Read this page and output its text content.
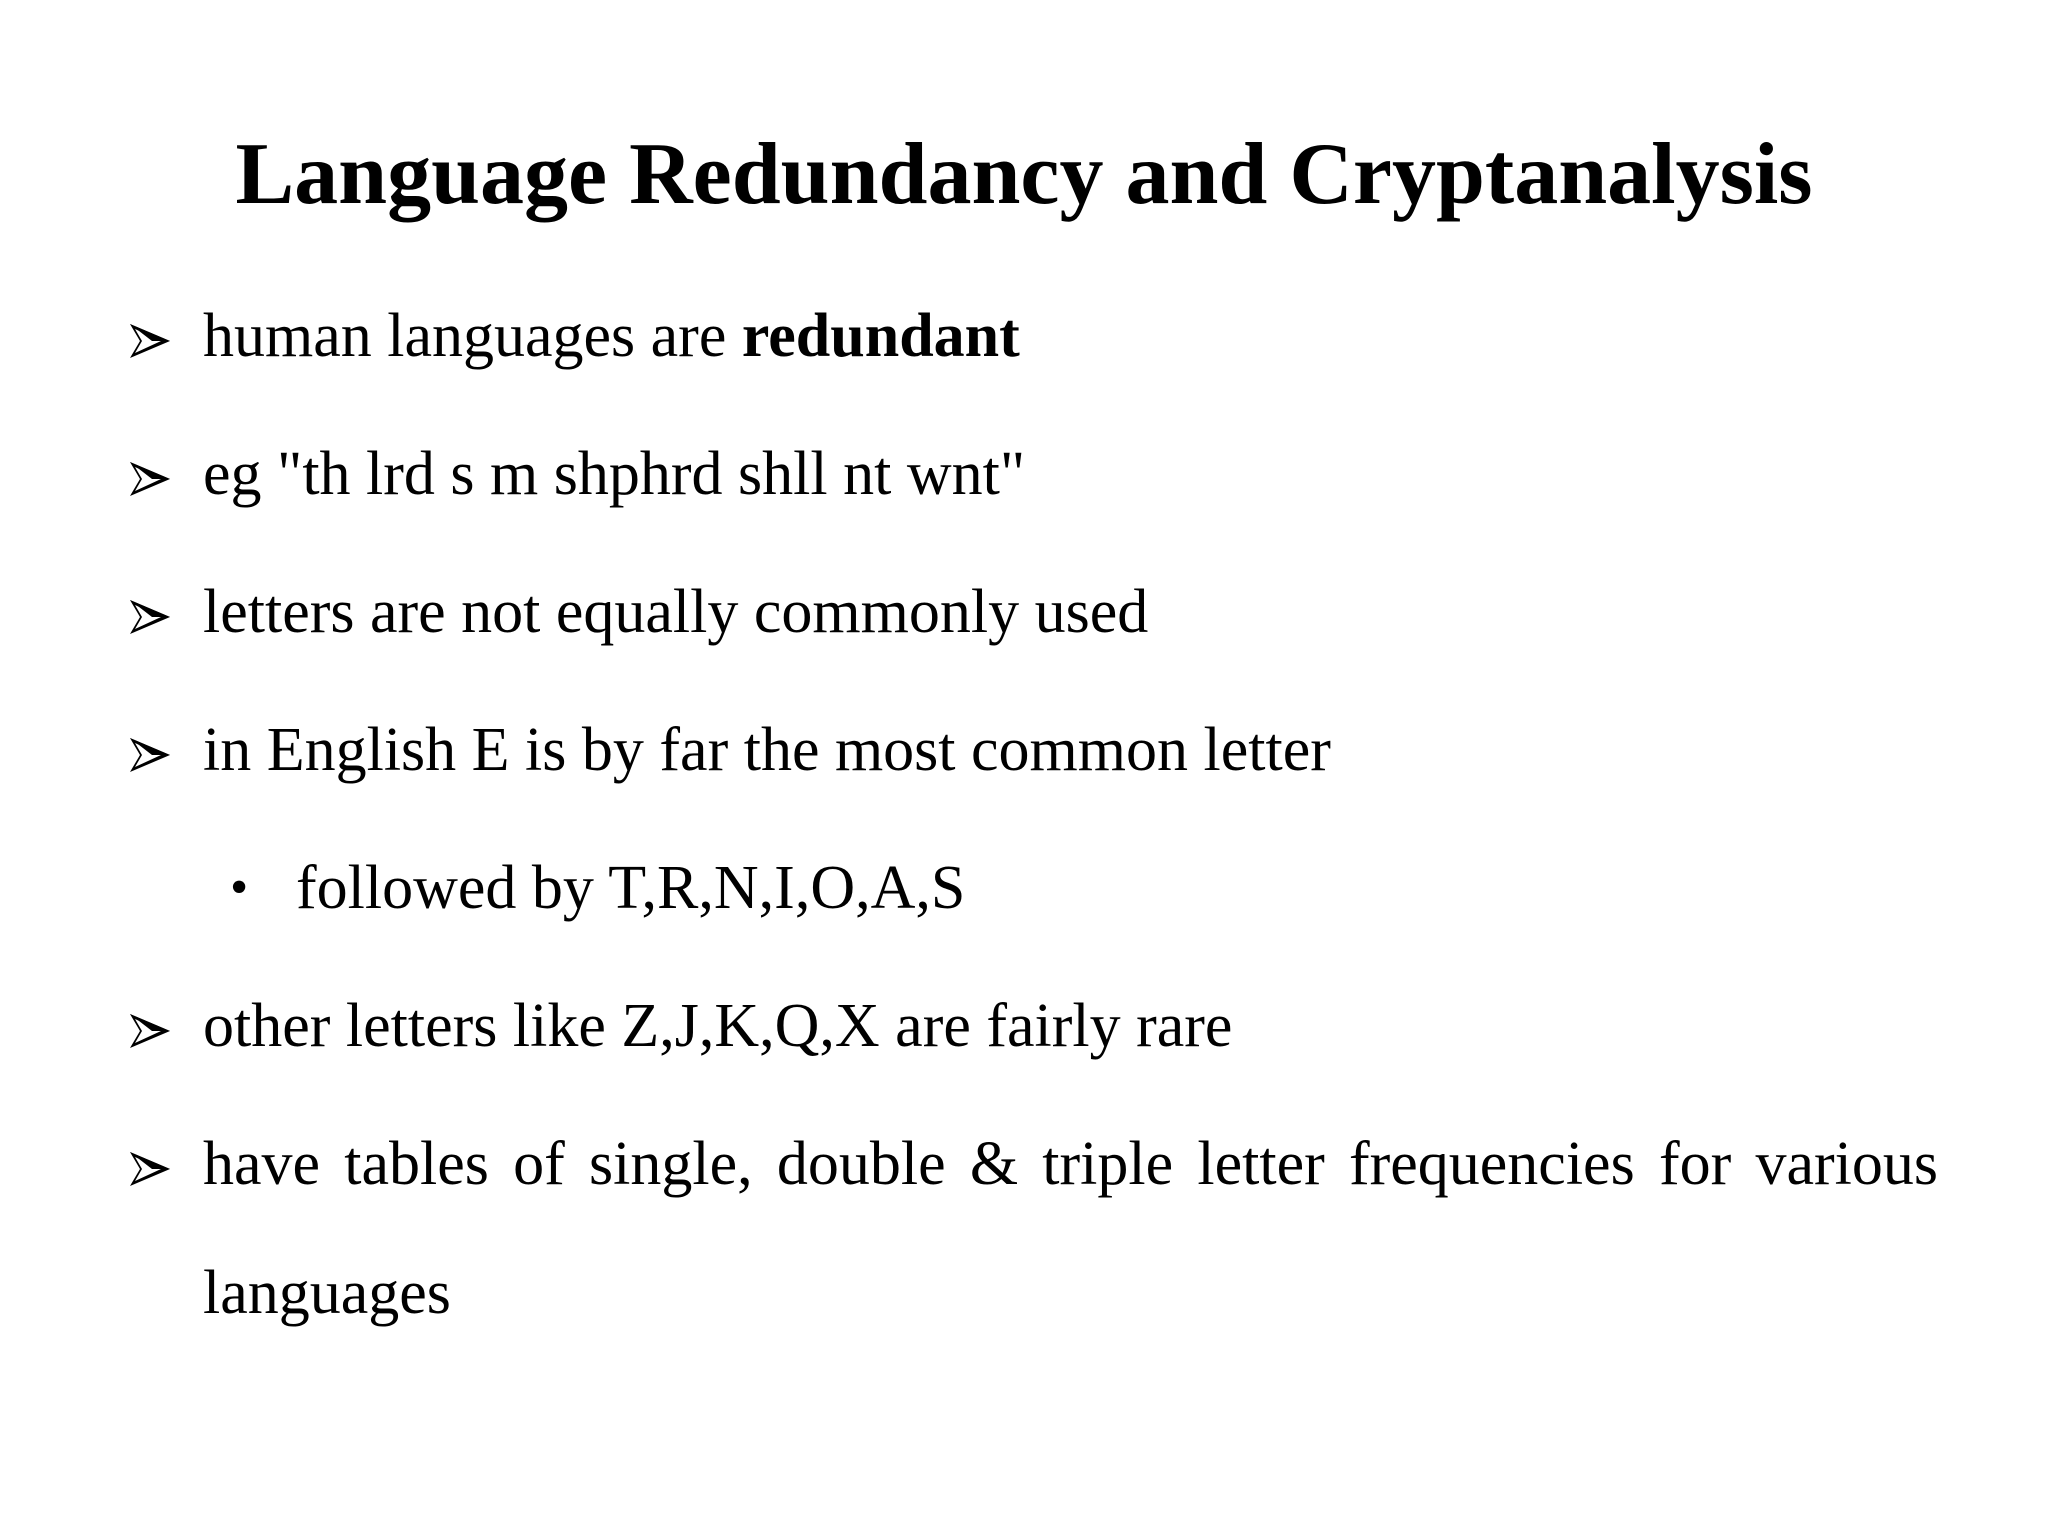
Language Redundancy and Cryptanalysis
human languages are redundant
eg "th lrd s m shphrd shll nt wnt"
letters are not equally commonly used
in English E is by far the most common letter
• followed by T,R,N,I,O,A,S
other letters like Z,J,K,Q,X are fairly rare
have tables of single, double & triple letter frequencies for various languages
